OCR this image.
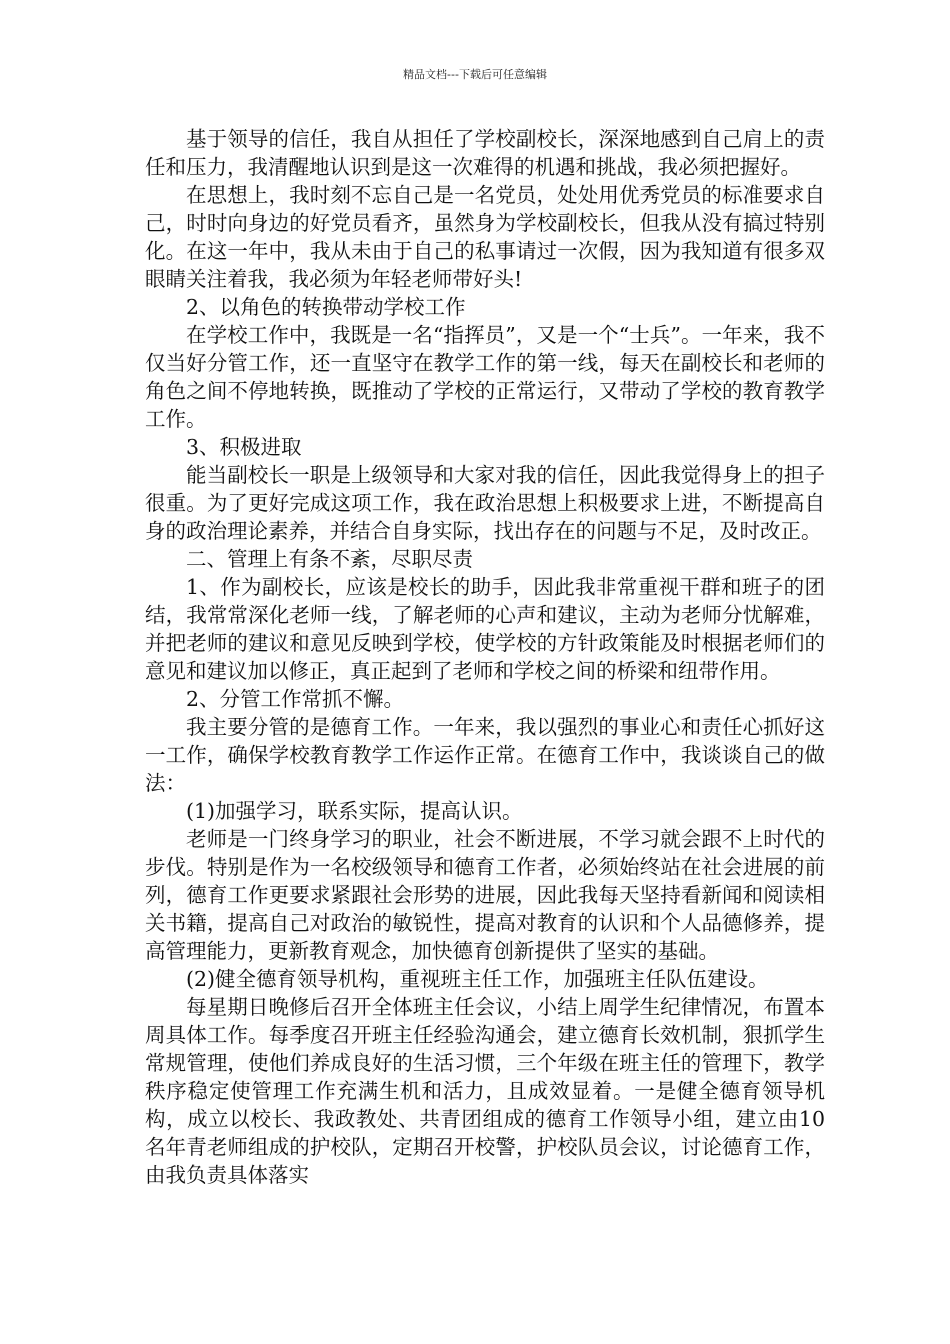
精品文档---下载后可任意编辑

基于领导的信任，我自从担任了学校副校长，深深地感到自己肩上的责任和压力，我清醒地认识到是这一次难得的机遇和挑战，我必须把握好。

在思想上，我时刻不忘自己是一名党员，处处用优秀党员的标准要求自己，时时向身边的好党员看齐，虽然身为学校副校长，但我从没有搞过特别化。在这一年中，我从未由于自己的私事请过一次假，因为我知道有很多双眼睛关注着我，我必须为年轻老师带好头!

2、以角色的转换带动学校工作

在学校工作中，我既是一名“指挥员”，又是一个“士兵”。一年来，我不仅当好分管工作，还一直坚守在教学工作的第一线，每天在副校长和老师的角色之间不停地转换，既推动了学校的正常运行，又带动了学校的教育教学工作。

3、积极进取

能当副校长一职是上级领导和大家对我的信任，因此我觉得身上的担子很重。为了更好完成这项工作，我在政治思想上积极要求上进，不断提高自身的政治理论素养，并结合自身实际，找出存在的问题与不足，及时改正。

二、管理上有条不紊，尽职尽责

1、作为副校长，应该是校长的助手，因此我非常重视干群和班子的团结，我常常深化老师一线，了解老师的心声和建议，主动为老师分忧解难，并把老师的建议和意见反映到学校，使学校的方针政策能及时根据老师们的意见和建议加以修正，真正起到了老师和学校之间的桥梁和纽带作用。

2、分管工作常抓不懈。

我主要分管的是德育工作。一年来，我以强烈的事业心和责任心抓好这一工作，确保学校教育教学工作运作正常。在德育工作中，我谈谈自己的做法：

(1)加强学习，联系实际，提高认识。

老师是一门终身学习的职业，社会不断进展，不学习就会跟不上时代的步伐。特别是作为一名校级领导和德育工作者，必须始终站在社会进展的前列，德育工作更要求紧跟社会形势的进展，因此我每天坚持看新闻和阅读相关书籍，提高自己对政治的敏锐性，提高对教育的认识和个人品德修养，提高管理能力，更新教育观念，加快德育创新提供了坚实的基础。

(2)健全德育领导机构，重视班主任工作，加强班主任队伍建设。

每星期日晚修后召开全体班主任会议，小结上周学生纪律情况，布置本周具体工作。每季度召开班主任经验沟通会，建立德育长效机制，狠抓学生常规管理，使他们养成良好的生活习惯，三个年级在班主任的管理下，教学秩序稳定使管理工作充满生机和活力，且成效显着。一是健全德育领导机构，成立以校长、我政教处、共青团组成的德育工作领导小组，建立由10名年青老师组成的护校队，定期召开校警，护校队员会议，讨论德育工作，由我负责具体落实
